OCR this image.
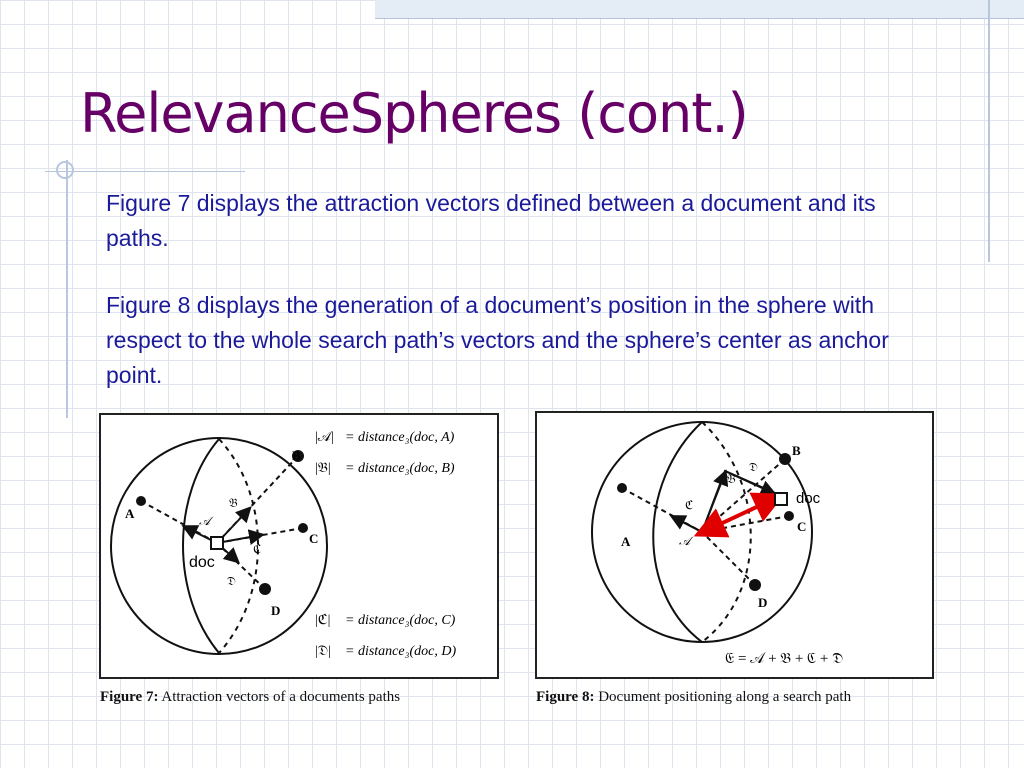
RelevanceSpheres (cont.)

Figure 7 displays the attraction vectors defined between a document and its paths.

Figure 8 displays the generation of a document’s position in the sphere with respect to the whole search path’s vectors and the sphere’s center as anchor point.

A
B
C
D
doc
𝒜
𝔅
ℭ
𝔇
|𝒜| = distance₃(doc, A)
|𝔅| = distance₃(doc, B)
|ℭ| = distance₃(doc, C)
|𝔇| = distance₃(doc, D)
Figure 7: Attraction vectors of a documents paths
A
B
C
D
doc
𝒜
ℭ
𝔅
𝔇
𝔈 = 𝒜 + 𝔅 + ℭ + 𝔇
Figure 8: Document positioning along a search path
